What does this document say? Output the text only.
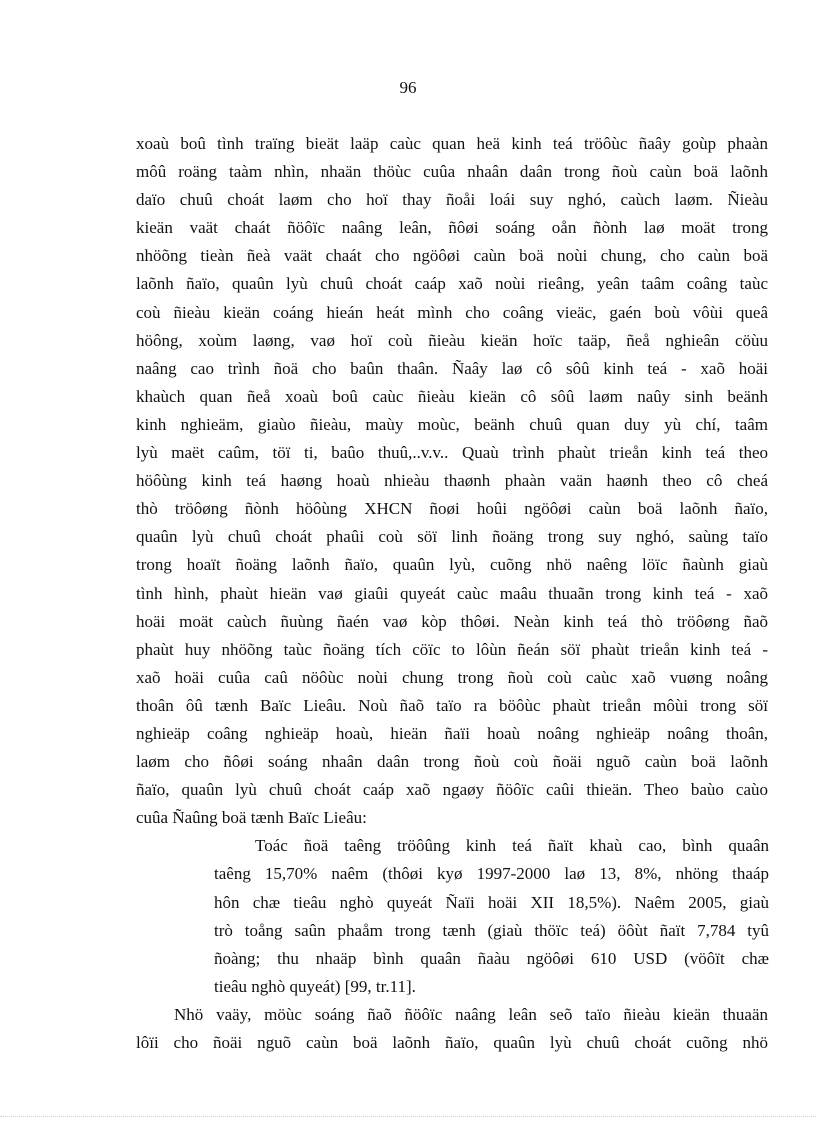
96
xoaù boû tình traïng bieät laäp caùc quan heä kinh teá tröôùc ñaây goùp phaàn
môû roäng taàm nhìn, nhaän thöùc cuûa nhaân daân trong ñoù caùn boä laõnh
daïo chuû choát laøm cho hoï thay ñoåi loái suy nghó, caùch laøm. Ñieàu
kieän vaät chaát ñöôïc naâng leân, ñôøi soáng oån ñònh laø moät trong
nhöõng tieàn ñeà vaät chaát cho ngöôøi caùn boä noùi chung, cho caùn boä
laõnh ñaïo, quaûn lyù chuû choát caáp xaõ noùi rieâng, yeân taâm coâng taùc
coù ñieàu kieän coáng hieán heát mình cho coâng vieäc, gaén boù vôùi queâ
höông, xoùm laøng, vaø hoï coù ñieàu kieän hoïc taäp, ñeå nghieân cöùu
naâng cao trình ñoä cho baûn thaân. Ñaây laø cô sôû kinh teá - xaõ hoäi
khaùch quan ñeå xoaù boû caùc ñieàu kieän cô sôû laøm naûy sinh beänh
kinh nghieäm, giaùo ñieàu, maùy moùc, beänh chuû quan duy yù chí, taâm
lyù maët caûm, töï ti, baûo thuû,..v.v.. Quaù trình phaùt trieån kinh teá theo
höôùng kinh teá haøng hoaù nhieàu thaønh phaàn vaän haønh theo cô cheá
thò tröôøng ñònh höôùng XHCN ñoøi hoûi ngöôøi caùn boä laõnh ñaïo,
quaûn lyù chuû choát phaûi coù söï linh ñoäng trong suy nghó, saùng taïo
trong hoaït ñoäng laõnh ñaïo, quaûn lyù, cuõng nhö naêng löïc ñaùnh giaù
tình hình, phaùt hieän vaø giaûi quyeát caùc maâu thuaãn trong kinh teá - xaõ
hoäi moät caùch ñuùng ñaén vaø kòp thôøi. Neàn kinh teá thò tröôøng ñaõ
phaùt huy nhöõng taùc ñoäng tích cöïc to lôùn ñeán söï phaùt trieån kinh teá -
xaõ hoäi cuûa caû nöôùc noùi chung trong ñoù coù caùc xaõ vuøng noâng
thoân ôû tænh Baïc Lieâu. Noù ñaõ taïo ra böôùc phaùt trieån môùi trong söï
nghieäp coâng nghieäp hoaù, hieän ñaïi hoaù noâng nghieäp noâng thoân,
laøm cho ñôøi soáng nhaân daân trong ñoù coù ñoäi nguõ caùn boä laõnh
ñaïo, quaûn lyù chuû choát caáp xaõ ngaøy ñöôïc caûi thieän. Theo baùo caùo
cuûa Ñaûng boä tænh Baïc Lieâu:
Toác ñoä taêng tröôûng kinh teá ñaït khaù cao, bình quaân
taêng 15,70% naêm (thôøi kyø 1997-2000 laø 13, 8%, nhöng thaáp
hôn chæ tieâu nghò quyeát Ñaïi hoäi XII 18,5%). Naêm 2005, giaù
trò toång saûn phaåm trong tænh (giaù thöïc teá) öôùt ñaït 7,784 tyû
ñoàng; thu nhaäp bình quaân ñaàu ngöôøi 610 USD (vöôït chæ
tieâu nghò quyeát) [99, tr.11].
Nhö vaäy, möùc soáng ñaõ ñöôïc naâng leân seõ taïo ñieàu kieän thuaän
lôïi cho ñoäi nguõ caùn boä laõnh ñaïo, quaûn lyù chuû choát cuõng nhö
